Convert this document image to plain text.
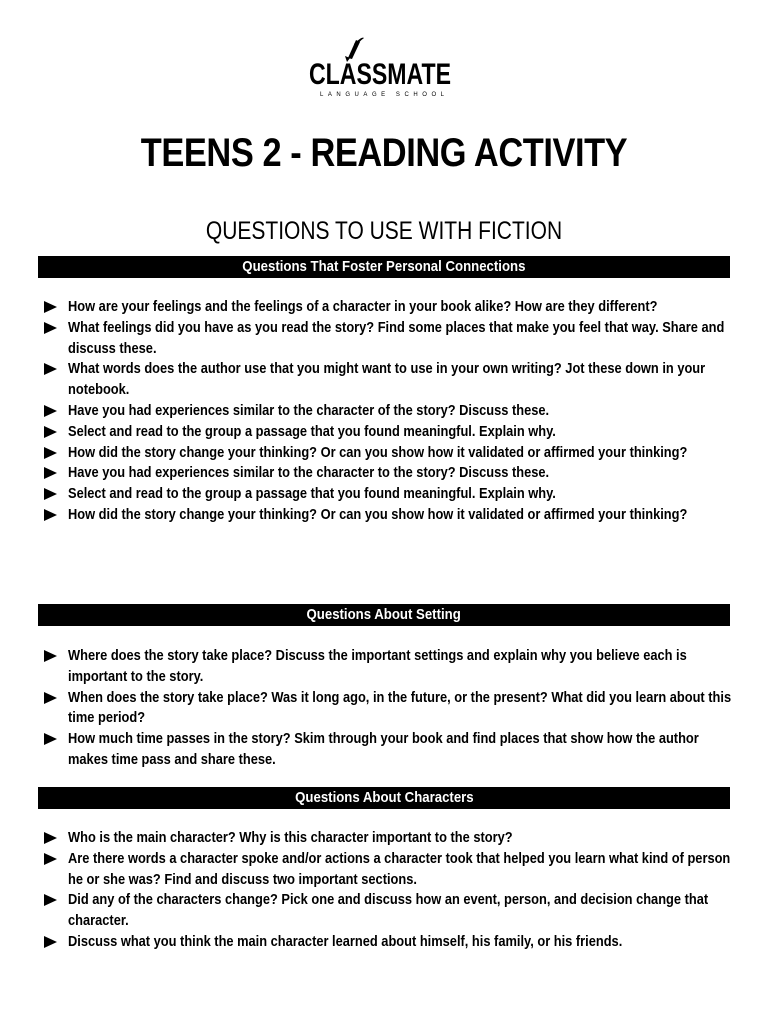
CLASSMATE
LANGUAGE SCHOOL
TEENS 2 - READING ACTIVITY
QUESTIONS TO USE WITH FICTION
Questions That Foster Personal Connections
How are your feelings and the feelings of a character in your book alike? How are they different?
What feelings did you have as you read the story? Find some places that make you feel that way. Share and discuss these.
What words does the author use that you might want to use in your own writing? Jot these down in your notebook.
Have you had experiences similar to the character of the story? Discuss these.
Select and read to the group a passage that you found meaningful. Explain why.
How did the story change your thinking? Or can you show how it validated or affirmed your thinking?
Have you had experiences similar to the character to the story? Discuss these.
Select and read to the group a passage that you found meaningful. Explain why.
How did the story change your thinking? Or can you show how it validated or affirmed your thinking?
Questions About Setting
Where does the story take place? Discuss the important settings and explain why you believe each is important to the story.
When does the story take place? Was it long ago, in the future, or the present? What did you learn about this time period?
How much time passes in the story? Skim through your book and find places that show how the author makes time pass and share these.
Questions About Characters
Who is the main character? Why is this character important to the story?
Are there words a character spoke and/or actions a character took that helped you learn what kind of person he or she was? Find and discuss two important sections.
Did any of the characters change? Pick one and discuss how an event, person, and decision change that character.
Discuss what you think the main character learned about himself, his family, or his friends.
